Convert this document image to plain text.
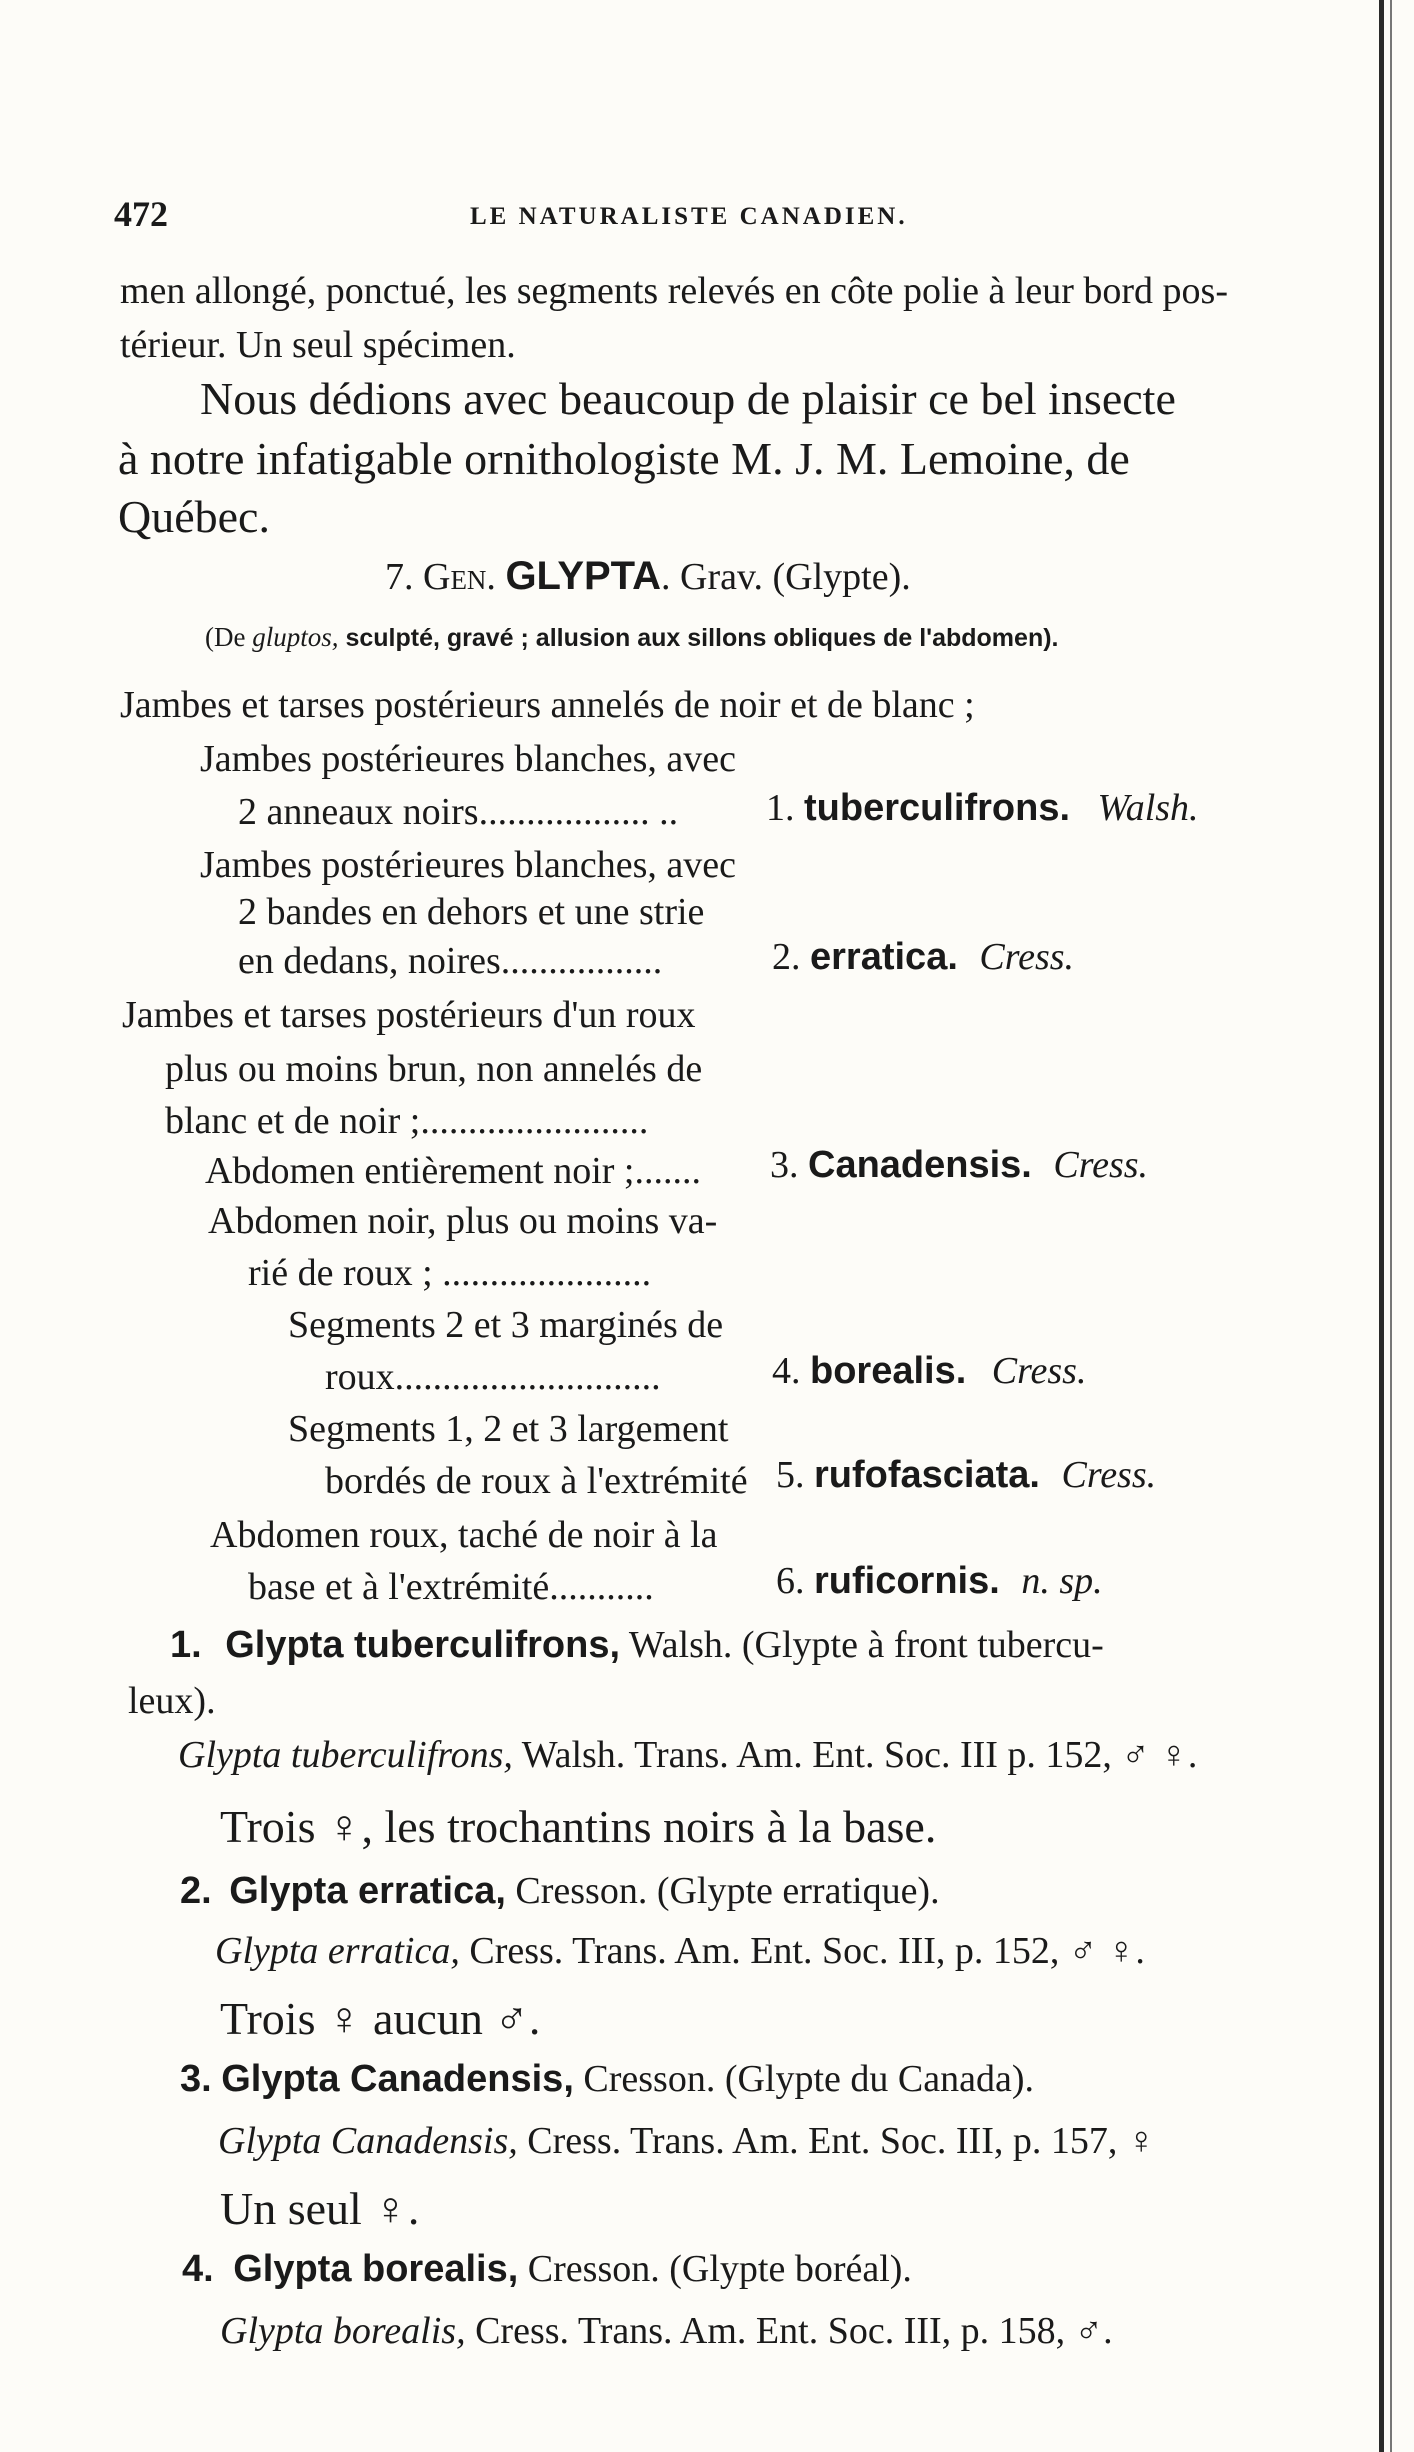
472	LE NATURALISTE CANADIEN.
men allongé, ponctué, les segments relevés en côte polie à leur bord pos-
térieur. Un seul spécimen.
Nous dédions avec beaucoup de plaisir ce bel insecte
à notre infatigable ornithologiste M. J. M. Lemoine, de
Québec.
7. Gen. GLYPTA. Grav. (Glypte).
(De gluptos, sculpté, gravé ; allusion aux sillons obliques de l'abdomen).
Jambes et tarses postérieurs annelés de noir et de blanc ;
Jambes postérieures blanches, avec
2 anneaux noirs.................. .. 1. tuberculifrons. Walsh.
Jambes postérieures blanches, avec
2 bandes en dehors et une strie
en dedans, noires.................	2. erratica. Cress.
Jambes et tarses postérieurs d'un roux
plus ou moins brun, non annelés de
blanc et de noir ;........................
Abdomen entièrement noir ;....... 3. Canadensis. Cress.
Abdomen noir, plus ou moins va-
rié de roux ; ......................
Segments 2 et 3 marginés de
roux............................	4. borealis. Cress.
Segments 1, 2 et 3 largement
bordés de roux à l'extrémité 5. rufofasciata. Cress.
Abdomen roux, taché de noir à la
base et à l'extrémité...........	6. ruficornis. n. sp.
1. Glypta tuberculifrons, Walsh. (Glypte à front tubercu-
leux).
Glypta tuberculifrons, Walsh. Trans. Am. Ent. Soc. III p. 152, ♂ ♀.
Trois ♀, les trochantins noirs à la base.
2. Glypta erratica, Cresson. (Glypte erratique).
Glypta erratica, Cress. Trans. Am. Ent. Soc. III, p. 152, ♂ ♀.
Trois ♀ aucun ♂.
3. Glypta Canadensis, Cresson. (Glypte du Canada).
Glypta Canadensis, Cress. Trans. Am. Ent. Soc. III, p. 157, ♀
Un seul ♀.
4. Glypta borealis, Cresson. (Glypte boréal).
Glypta borealis, Cress. Trans. Am. Ent. Soc. III, p. 158, ♂.
